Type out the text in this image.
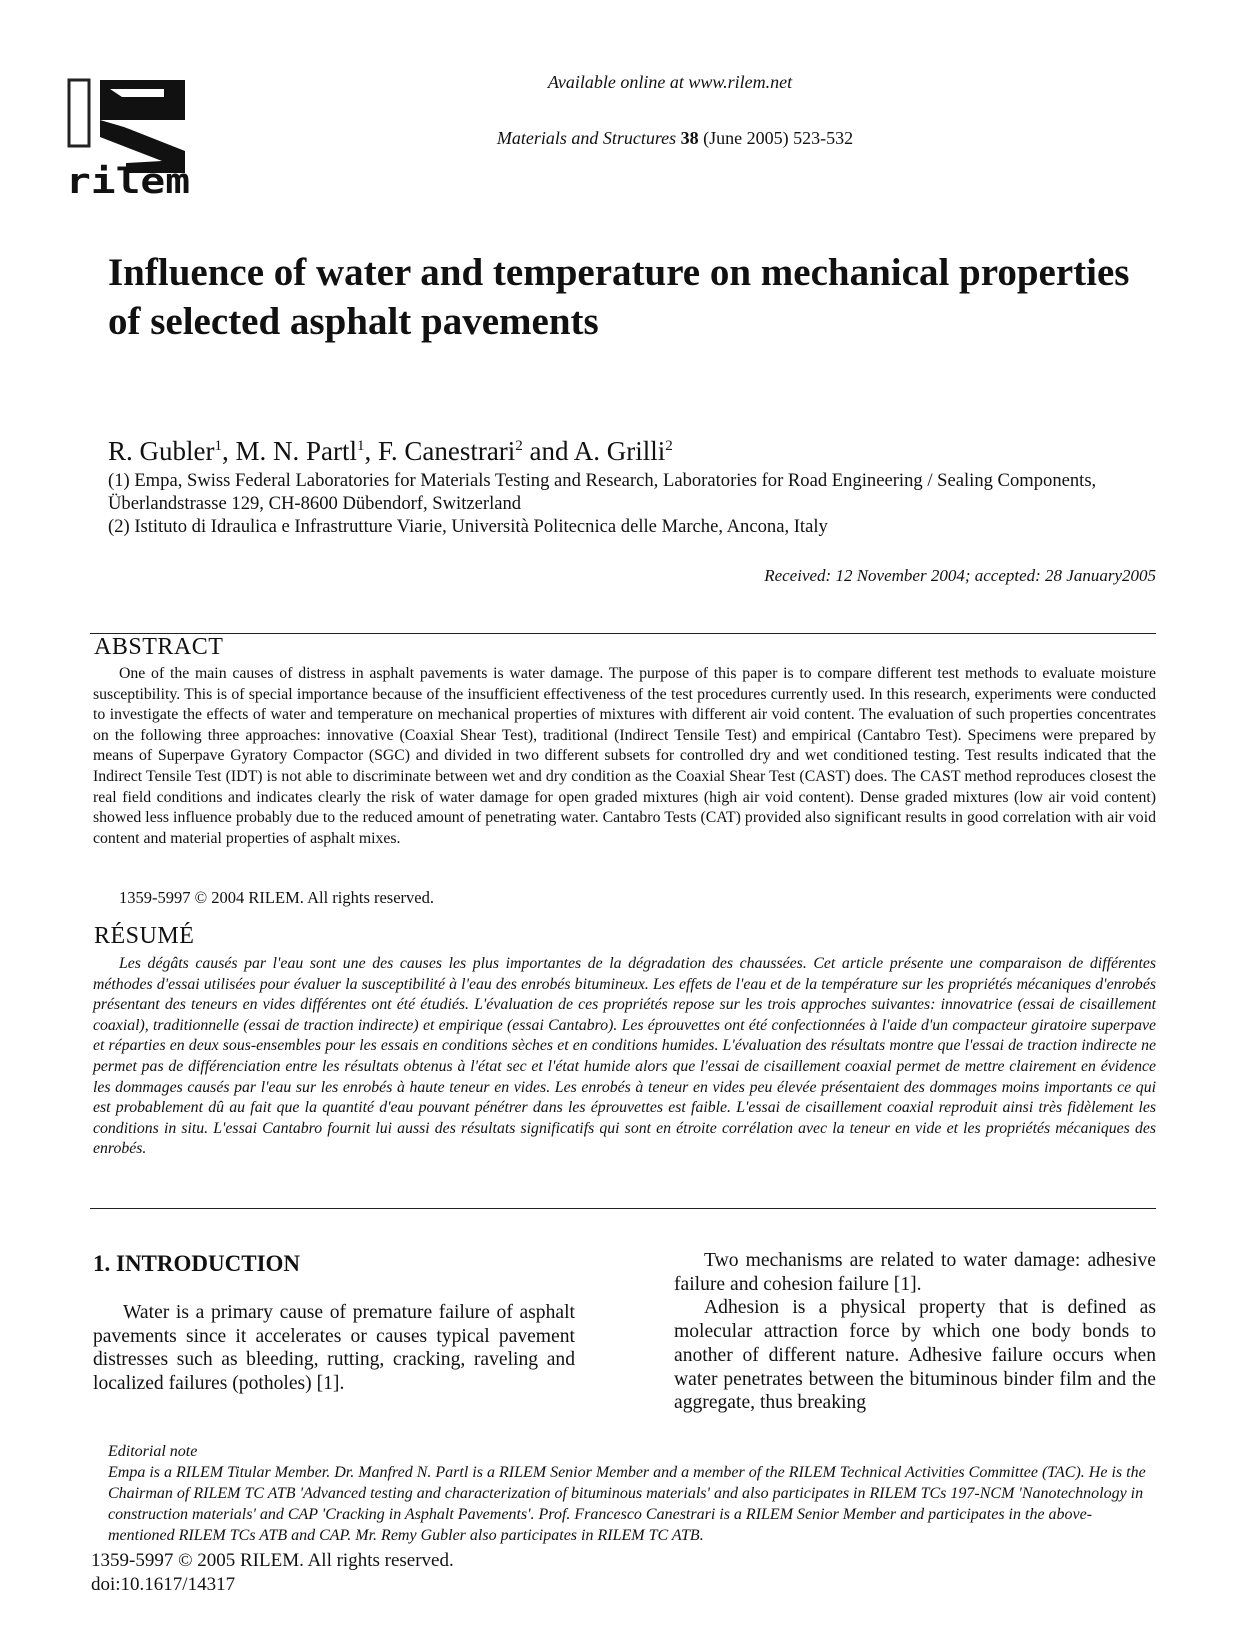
rilem
Available online at www.rilem.net
Materials and Structures 38 (June 2005) 523-532
Influence of water and temperature on mechanical properties of selected asphalt pavements
R. Gubler$^1$, M. N. Partl$^1$, F. Canestrari$^2$ and A. Grilli$^2$
(1) Empa, Swiss Federal Laboratories for Materials Testing and Research, Laboratories for Road Engineering / Sealing Components, Überlandstrasse 129, CH-8600 Dübendorf, Switzerland
(2) Istituto di Idraulica e Infrastrutture Viarie, Università Politecnica delle Marche, Ancona, Italy
Received: 12 November 2004; accepted: 28 January2005
ABSTRACT

One of the main causes of distress in asphalt pavements is water damage. The purpose of this paper is to compare different test methods to evaluate moisture susceptibility. This is of special importance because of the insufficient effectiveness of the test procedures currently used. In this research, experiments were conducted to investigate the effects of water and temperature on mechanical properties of mixtures with different air void content. The evaluation of such properties concentrates on the following three approaches: innovative (Coaxial Shear Test), traditional (Indirect Tensile Test) and empirical (Cantabro Test). Specimens were prepared by means of Superpave Gyratory Compactor (SGC) and divided in two different subsets for controlled dry and wet conditioned testing. Test results indicated that the Indirect Tensile Test (IDT) is not able to discriminate between wet and dry condition as the Coaxial Shear Test (CAST) does. The CAST method reproduces closest the real field conditions and indicates clearly the risk of water damage for open graded mixtures (high air void content). Dense graded mixtures (low air void content) showed less influence probably due to the reduced amount of penetrating water. Cantabro Tests (CAT) provided also significant results in good correlation with air void content and material properties of asphalt mixes.

1359-5997 © 2004 RILEM. All rights reserved.
RÉSUMÉ

Les dégâts causés par l'eau sont une des causes les plus importantes de la dégradation des chaussées. Cet article présente une comparaison de différentes méthodes d'essai utilisées pour évaluer la susceptibilité à l'eau des enrobés bitumineux. Les effets de l'eau et de la température sur les propriétés mécaniques d'enrobés présentant des teneurs en vides différentes ont été étudiés. L'évaluation de ces propriétés repose sur les trois approches suivantes: innovatrice (essai de cisaillement coaxial), traditionnelle (essai de traction indirecte) et empirique (essai Cantabro). Les éprouvettes ont été confectionnées à l'aide d'un compacteur giratoire superpave et réparties en deux sous-ensembles pour les essais en conditions sèches et en conditions humides. L'évaluation des résultats montre que l'essai de traction indirecte ne permet pas de différenciation entre les résultats obtenus à l'état sec et l'état humide alors que l'essai de cisaillement coaxial permet de mettre clairement en évidence les dommages causés par l'eau sur les enrobés à haute teneur en vides. Les enrobés à teneur en vides peu élevée présentaient des dommages moins importants ce qui est probablement dû au fait que la quantité d'eau pouvant pénétrer dans les éprouvettes est faible. L'essai de cisaillement coaxial reproduit ainsi très fidèlement les conditions in situ. L'essai Cantabro fournit lui aussi des résultats significatifs qui sont en étroite corrélation avec la teneur en vide et les propriétés mécaniques des enrobés.

1. INTRODUCTION

Water is a primary cause of premature failure of asphalt pavements since it accelerates or causes typical pavement distresses such as bleeding, rutting, cracking, raveling and localized failures (potholes) [1].

Two mechanisms are related to water damage: adhesive failure and cohesion failure [1].

Adhesion is a physical property that is defined as molecular attraction force by which one body bonds to another of different nature. Adhesive failure occurs when water penetrates between the bituminous binder film and the aggregate, thus breaking

Editorial note
Empa is a RILEM Titular Member. Dr. Manfred N. Partl is a RILEM Senior Member and a member of the RILEM Technical Activities Committee (TAC). He is the Chairman of RILEM TC ATB 'Advanced testing and characterization of bituminous materials' and also participates in RILEM TCs 197-NCM 'Nanotechnology in construction materials' and CAP 'Cracking in Asphalt Pavements'. Prof. Francesco Canestrari is a RILEM Senior Member and participates in the above-mentioned RILEM TCs ATB and CAP. Mr. Remy Gubler also participates in RILEM TC ATB.
1359-5997 © 2005 RILEM. All rights reserved.
doi:10.1617/14317
